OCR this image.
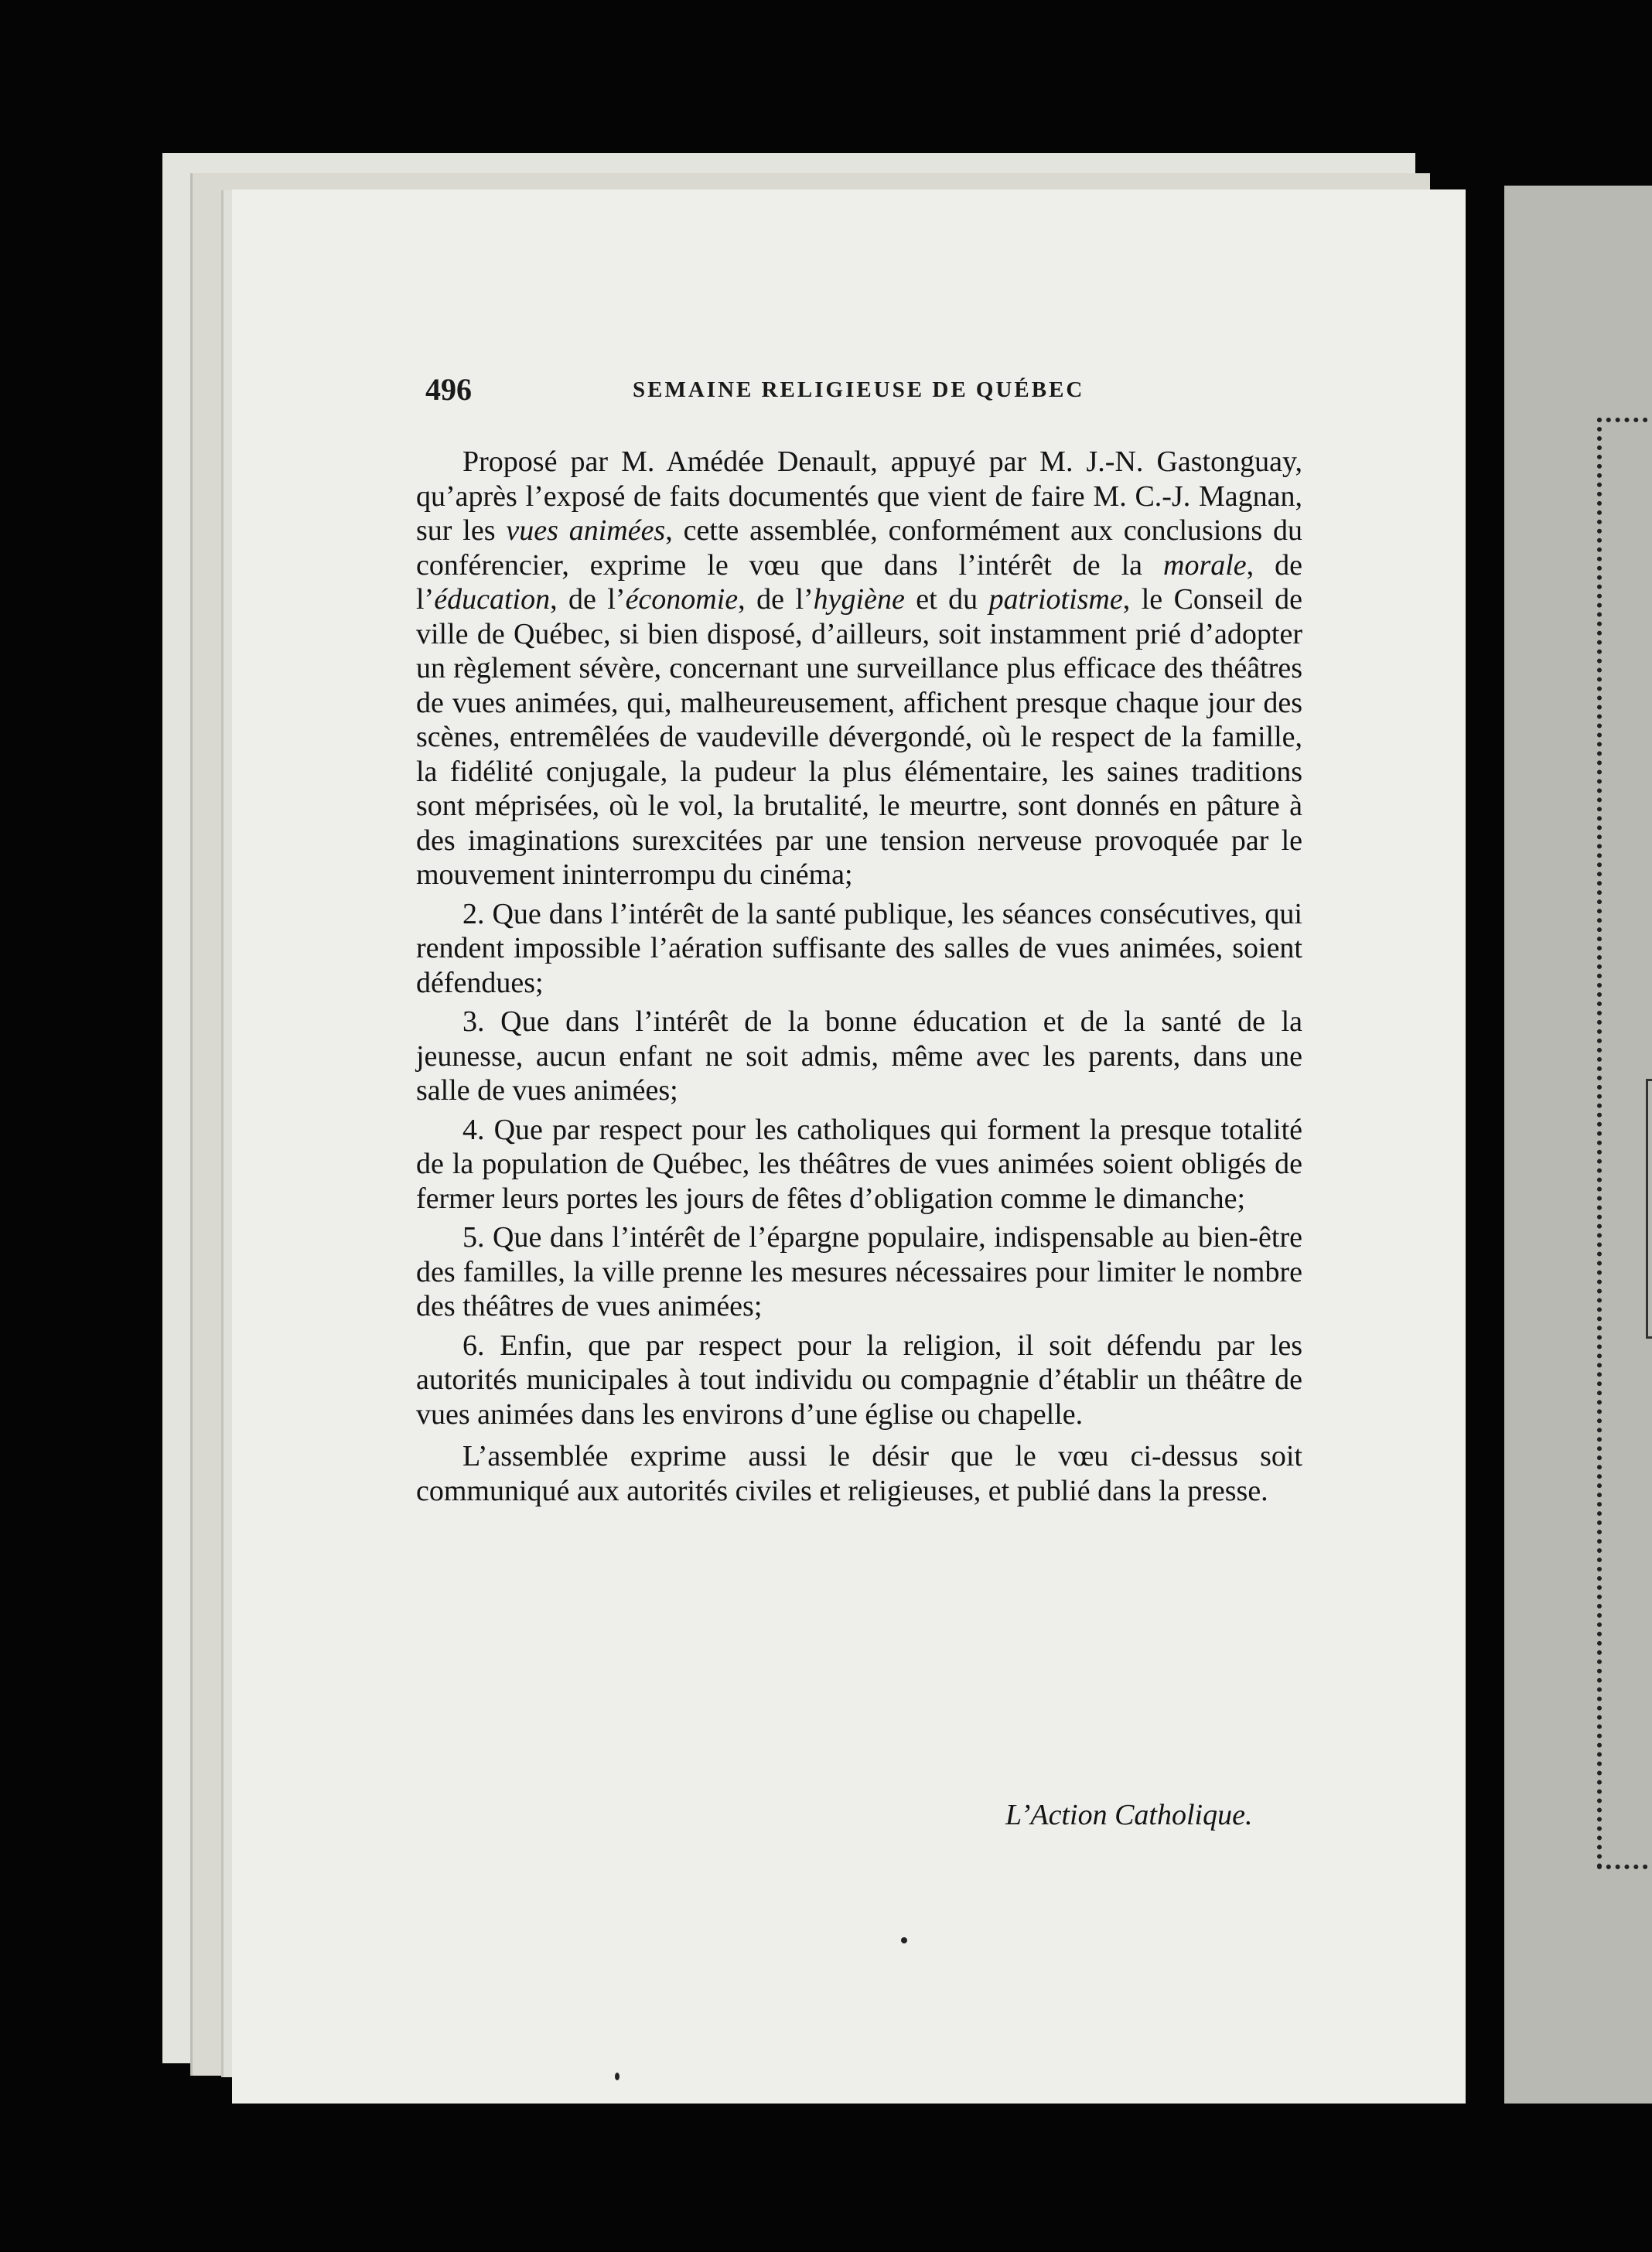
496	SEMAINE RELIGIEUSE DE QUÉBEC

Proposé par M. Amédée Denault, appuyé par M. J.-N. Gastonguay, qu’après l’exposé de faits documentés que vient de faire M. C.-J. Magnan, sur les vues animées, cette assemblée, conformément aux conclusions du conférencier, exprime le vœu que dans l’intérêt de la morale, de l’éducation, de l’économie, de l’hygiène et du patriotisme, le Conseil de ville de Québec, si bien disposé, d’ailleurs, soit instamment prié d’adopter un règlement sévère, concernant une surveillance plus efficace des théâtres de vues animées, qui, malheureusement, affichent presque chaque jour des scènes, entremêlées de vaudeville dévergondé, où le respect de la famille, la fidélité conjugale, la pudeur la plus élémentaire, les saines traditions sont méprisées, où le vol, la brutalité, le meurtre, sont donnés en pâture à des imaginations surexcitées par une tension nerveuse provoquée par le mouvement ininterrompu du cinéma;

2. Que dans l’intérêt de la santé publique, les séances consécutives, qui rendent impossible l’aération suffisante des salles de vues animées, soient défendues;

3. Que dans l’intérêt de la bonne éducation et de la santé de la jeunesse, aucun enfant ne soit admis, même avec les parents, dans une salle de vues animées;

4. Que par respect pour les catholiques qui forment la presque totalité de la population de Québec, les théâtres de vues animées soient obligés de fermer leurs portes les jours de fêtes d’obligation comme le dimanche;

5. Que dans l’intérêt de l’épargne populaire, indispensable au bien-être des familles, la ville prenne les mesures nécessaires pour limiter le nombre des théâtres de vues animées;

6. Enfin, que par respect pour la religion, il soit défendu par les autorités municipales à tout individu ou compagnie d’établir un théâtre de vues animées dans les environs d’une église ou chapelle.

L’assemblée exprime aussi le désir que le vœu ci-dessus soit communiqué aux autorités civiles et religieuses, et publié dans la presse.

L’Action Catholique.
